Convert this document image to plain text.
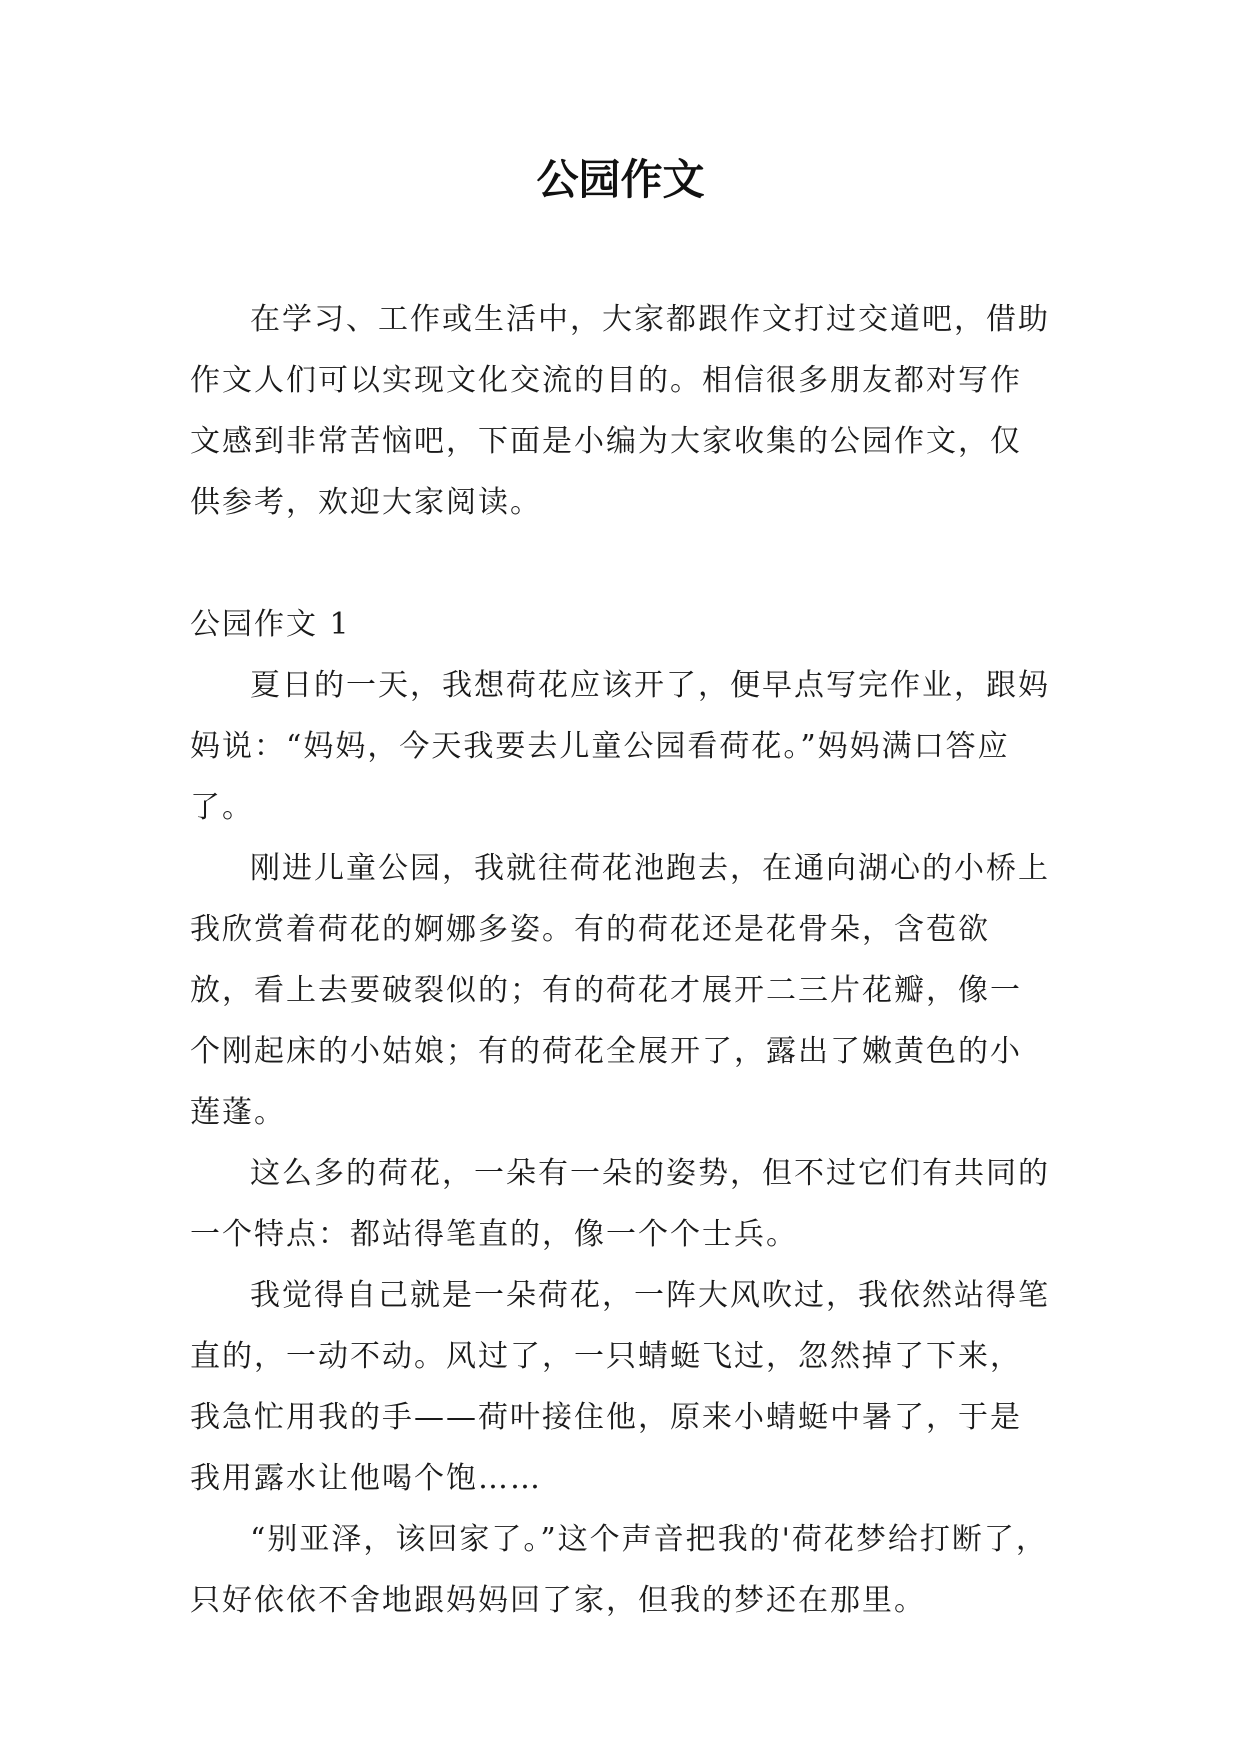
公园作文

在学习、工作或生活中，大家都跟作文打过交道吧，借助作文人们可以实现文化交流的目的。相信很多朋友都对写作文感到非常苦恼吧，下面是小编为大家收集的公园作文，仅供参考，欢迎大家阅读。

公园作文 1

夏日的一天，我想荷花应该开了，便早点写完作业，跟妈妈说：“妈妈，今天我要去儿童公园看荷花。”妈妈满口答应了。

刚进儿童公园，我就往荷花池跑去，在通向湖心的小桥上我欣赏着荷花的婀娜多姿。有的荷花还是花骨朵，含苞欲放，看上去要破裂似的；有的荷花才展开二三片花瓣，像一个刚起床的小姑娘；有的荷花全展开了，露出了嫩黄色的小莲蓬。

这么多的荷花，一朵有一朵的姿势，但不过它们有共同的一个特点：都站得笔直的，像一个个士兵。

我觉得自己就是一朵荷花，一阵大风吹过，我依然站得笔直的，一动不动。风过了，一只蜻蜓飞过，忽然掉了下来，我急忙用我的手——荷叶接住他，原来小蜻蜓中暑了，于是我用露水让他喝个饱……

“别亚泽，该回家了。”这个声音把我的'荷花梦给打断了，只好依依不舍地跟妈妈回了家，但我的梦还在那里。
